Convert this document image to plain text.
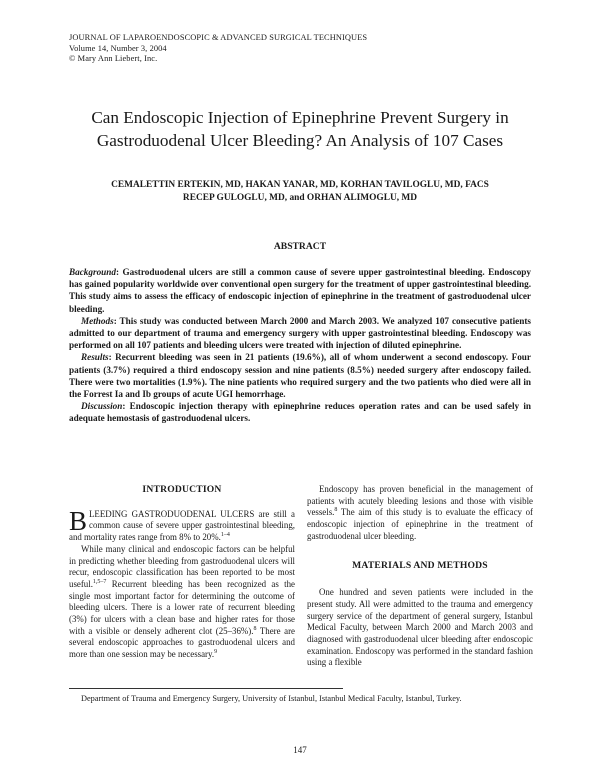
JOURNAL OF LAPAROENDOSCOPIC & ADVANCED SURGICAL TECHNIQUES
Volume 14, Number 3, 2004
© Mary Ann Liebert, Inc.
Can Endoscopic Injection of Epinephrine Prevent Surgery in Gastroduodenal Ulcer Bleeding? An Analysis of 107 Cases
CEMALETTIN ERTEKIN, MD, HAKAN YANAR, MD, KORHAN TAVILOGLU, MD, FACS
RECEP GULOGLU, MD, and ORHAN ALIMOGLU, MD
ABSTRACT

Background: Gastroduodenal ulcers are still a common cause of severe upper gastrointestinal bleeding. Endoscopy has gained popularity worldwide over conventional open surgery for the treatment of upper gastrointestinal bleeding. This study aims to assess the efficacy of endoscopic injection of epinephrine in the treatment of gastroduodenal ulcer bleeding.

Methods: This study was conducted between March 2000 and March 2003. We analyzed 107 consecutive patients admitted to our department of trauma and emergency surgery with upper gastrointestinal bleeding. Endoscopy was performed on all 107 patients and bleeding ulcers were treated with injection of diluted epinephrine.

Results: Recurrent bleeding was seen in 21 patients (19.6%), all of whom underwent a second endoscopy. Four patients (3.7%) required a third endoscopy session and nine patients (8.5%) needed surgery after endoscopy failed. There were two mortalities (1.9%). The nine patients who required surgery and the two patients who died were all in the Forrest Ia and Ib groups of acute UGI hemorrhage.

Discussion: Endoscopic injection therapy with epinephrine reduces operation rates and can be used safely in adequate hemostasis of gastroduodenal ulcers.

INTRODUCTION

BLEEDING GASTRODUODENAL ULCERS are still a common cause of severe upper gastrointestinal bleeding, and mortality rates range from 8% to 20%.$^{1-4}$

While many clinical and endoscopic factors can be helpful in predicting whether bleeding from gastroduodenal ulcers will recur, endoscopic classification has been reported to be most useful.$^{1,5-7}$ Recurrent bleeding has been recognized as the single most important factor for determining the outcome of bleeding ulcers. There is a lower rate of recurrent bleeding (3%) for ulcers with a clean base and higher rates for those with a visible or densely adherent clot (25–36%).$^8$ There are several endoscopic approaches to gastroduodenal ulcers and more than one session may be necessary.$^9$

Endoscopy has proven beneficial in the management of patients with acutely bleeding lesions and those with visible vessels.$^8$ The aim of this study is to evaluate the efficacy of endoscopic injection of epinephrine in the treatment of gastroduodenal ulcer bleeding.

MATERIALS AND METHODS

One hundred and seven patients were included in the present study. All were admitted to the trauma and emergency surgery service of the department of general surgery, Istanbul Medical Faculty, between March 2000 and March 2003 and diagnosed with gastroduodenal ulcer bleeding after endoscopic examination. Endoscopy was performed in the standard fashion using a flexible

Department of Trauma and Emergency Surgery, University of Istanbul, Istanbul Medical Faculty, Istanbul, Turkey.
147
